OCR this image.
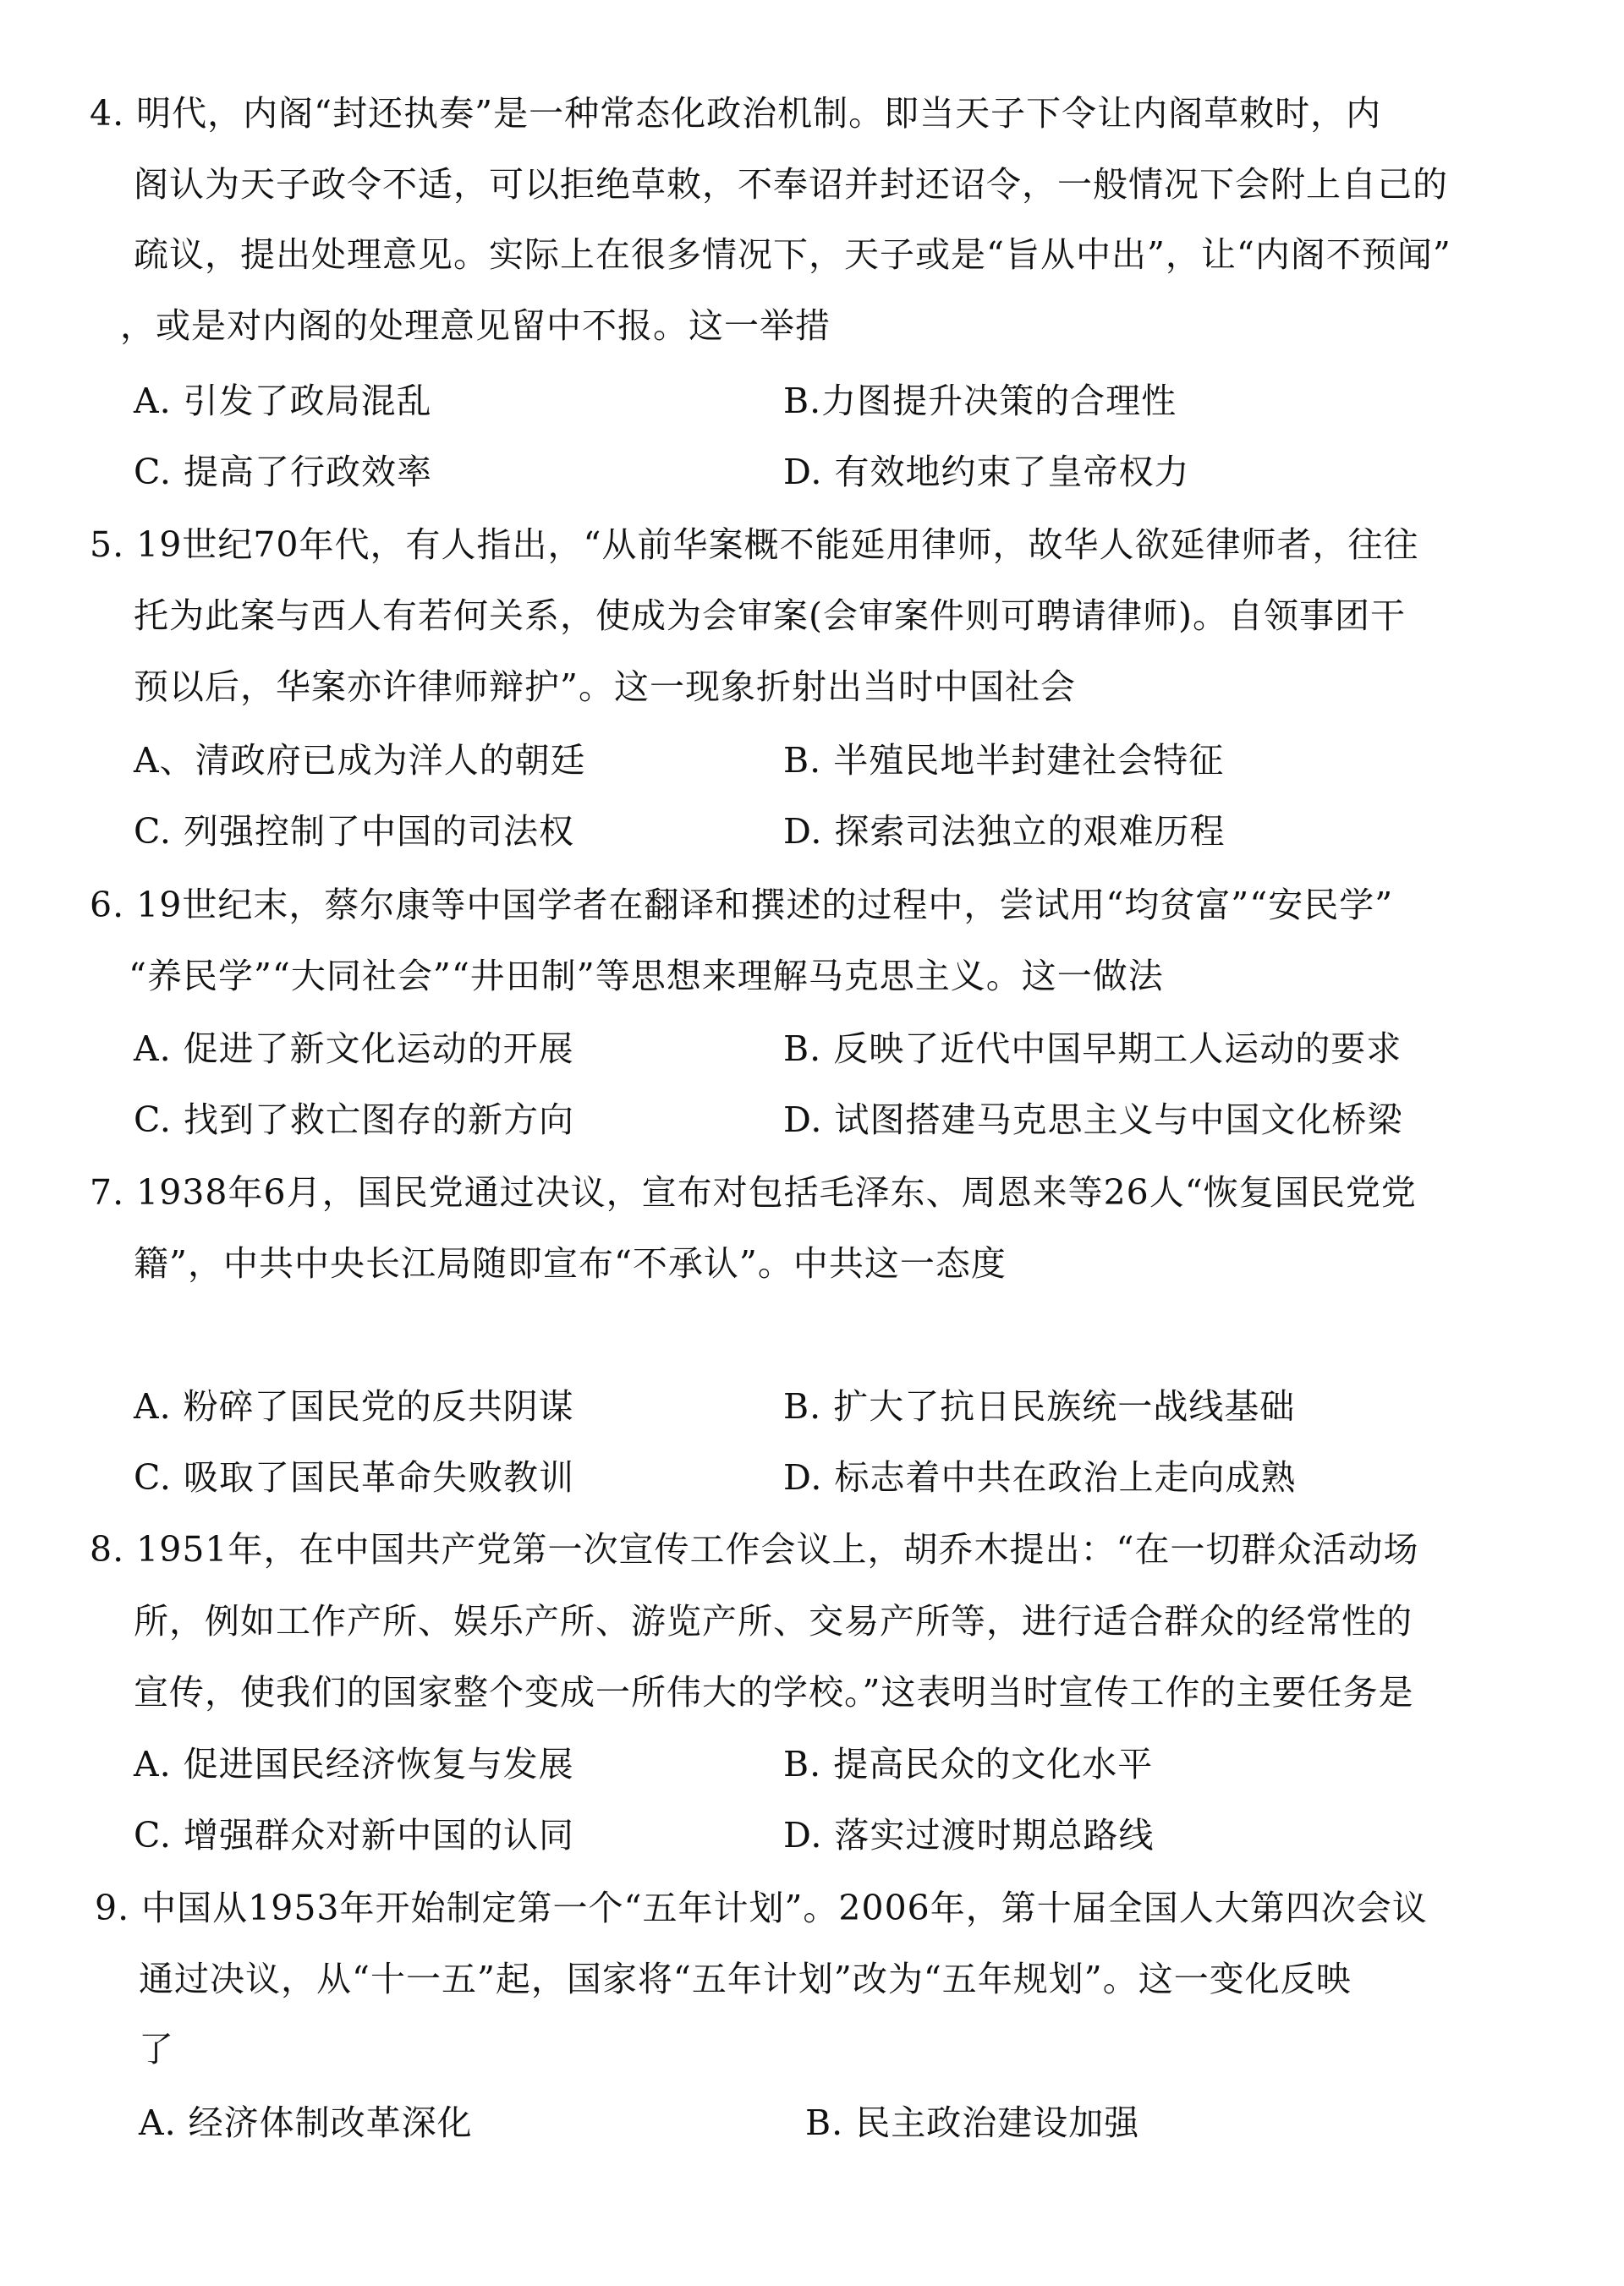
4. 明代，内阁“封还执奏”是一种常态化政治机制。即当天子下令让内阁草敕时，内
阁认为天子政令不适，可以拒绝草敕，不奉诏并封还诏令，一般情况下会附上自己的
疏议，提出处理意见。实际上在很多情况下，天子或是“旨从中出”，让“内阁不预闻”
，或是对内阁的处理意见留中不报。这一举措
A. 引发了政局混乱	B.力图提升决策的合理性
C. 提高了行政效率	D. 有效地约束了皇帝权力
5. 19世纪70年代，有人指出，“从前华案概不能延用律师，故华人欲延律师者，往往
托为此案与西人有若何关系，使成为会审案(会审案件则可聘请律师)。自领事团干
预以后，华案亦许律师辩护”。这一现象折射出当时中国社会
A、清政府已成为洋人的朝廷	B. 半殖民地半封建社会特征
C. 列强控制了中国的司法权	D. 探索司法独立的艰难历程
6. 19世纪末，蔡尔康等中国学者在翻译和撰述的过程中，尝试用“均贫富”“安民学”
“养民学”“大同社会”“井田制”等思想来理解马克思主义。这一做法
A. 促进了新文化运动的开展	B. 反映了近代中国早期工人运动的要求
C. 找到了救亡图存的新方向	D. 试图搭建马克思主义与中国文化桥梁
7. 1938年6月，国民党通过决议，宣布对包括毛泽东、周恩来等26人“恢复国民党党
籍”，中共中央长江局随即宣布“不承认”。中共这一态度
A. 粉碎了国民党的反共阴谋	B. 扩大了抗日民族统一战线基础
C. 吸取了国民革命失败教训	D. 标志着中共在政治上走向成熟
8. 1951年，在中国共产党第一次宣传工作会议上，胡乔木提出：“在一切群众活动场
所，例如工作产所、娱乐产所、游览产所、交易产所等，进行适合群众的经常性的
宣传，使我们的国家整个变成一所伟大的学校。”这表明当时宣传工作的主要任务是
A. 促进国民经济恢复与发展	B. 提高民众的文化水平
C. 增强群众对新中国的认同	D. 落实过渡时期总路线
9. 中国从1953年开始制定第一个“五年计划”。2006年，第十届全国人大第四次会议
通过决议，从“十一五”起，国家将“五年计划”改为“五年规划”。这一变化反映
了
A. 经济体制改革深化	B. 民主政治建设加强
